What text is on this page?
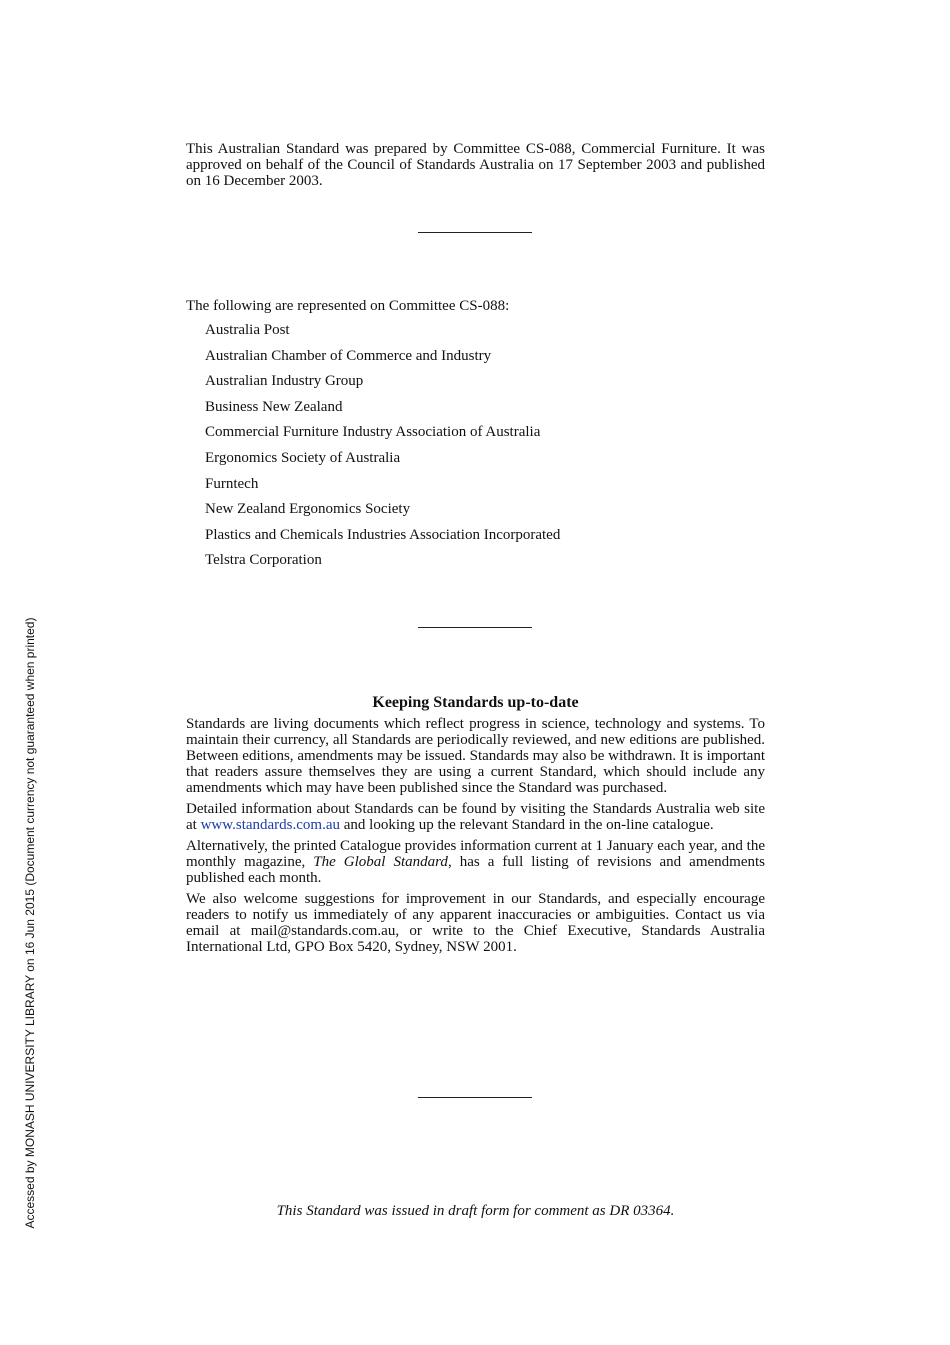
This Australian Standard was prepared by Committee CS-088, Commercial Furniture. It was approved on behalf of the Council of Standards Australia on 17 September 2003 and published on 16 December 2003.

The following are represented on Committee CS-088:
Australia Post
Australian Chamber of Commerce and Industry
Australian Industry Group
Business New Zealand
Commercial Furniture Industry Association of Australia
Ergonomics Society of Australia
Furntech
New Zealand Ergonomics Society
Plastics and Chemicals Industries Association Incorporated
Telstra Corporation
Keeping Standards up-to-date

Standards are living documents which reflect progress in science, technology and systems. To maintain their currency, all Standards are periodically reviewed, and new editions are published. Between editions, amendments may be issued. Standards may also be withdrawn. It is important that readers assure themselves they are using a current Standard, which should include any amendments which may have been published since the Standard was purchased.

Detailed information about Standards can be found by visiting the Standards Australia web site at www.standards.com.au and looking up the relevant Standard in the on-line catalogue.

Alternatively, the printed Catalogue provides information current at 1 January each year, and the monthly magazine, The Global Standard, has a full listing of revisions and amendments published each month.

We also welcome suggestions for improvement in our Standards, and especially encourage readers to notify us immediately of any apparent inaccuracies or ambiguities. Contact us via email at mail@standards.com.au, or write to the Chief Executive, Standards Australia International Ltd, GPO Box 5420, Sydney, NSW 2001.

This Standard was issued in draft form for comment as DR 03364.
Accessed by MONASH UNIVERSITY LIBRARY on 16 Jun 2015 (Document currency not guaranteed when printed)
